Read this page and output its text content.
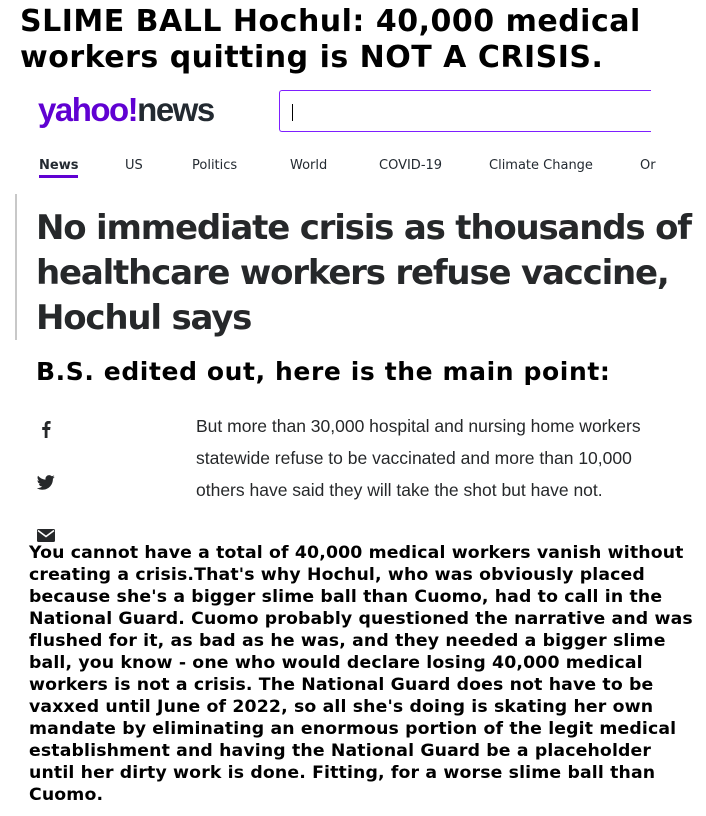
SLIME BALL Hochul: 40,000 medical workers quitting is NOT A CRISIS.
yahoo!news
News	US	Politics	World	COVID-19	Climate Change	Or
No immediate crisis as thousands of healthcare workers refuse vaccine, Hochul says

B.S. edited out, here is the main point:

But more than 30,000 hospital and nursing home workers statewide refuse to be vaccinated and more than 10,000 others have said they will take the shot but have not.

You cannot have a total of 40,000 medical workers vanish without creating a crisis.That's why Hochul, who was obviously placed because she's a bigger slime ball than Cuomo, had to call in the National Guard. Cuomo probably questioned the narrative and was flushed for it, as bad as he was, and they needed a bigger slime ball, you know - one who would declare losing 40,000 medical workers is not a crisis. The National Guard does not have to be vaxxed until June of 2022, so all she's doing is skating her own mandate by eliminating an enormous portion of the legit medical establishment and having the National Guard be a placeholder until her dirty work is done. Fitting, for a worse slime ball than Cuomo.
